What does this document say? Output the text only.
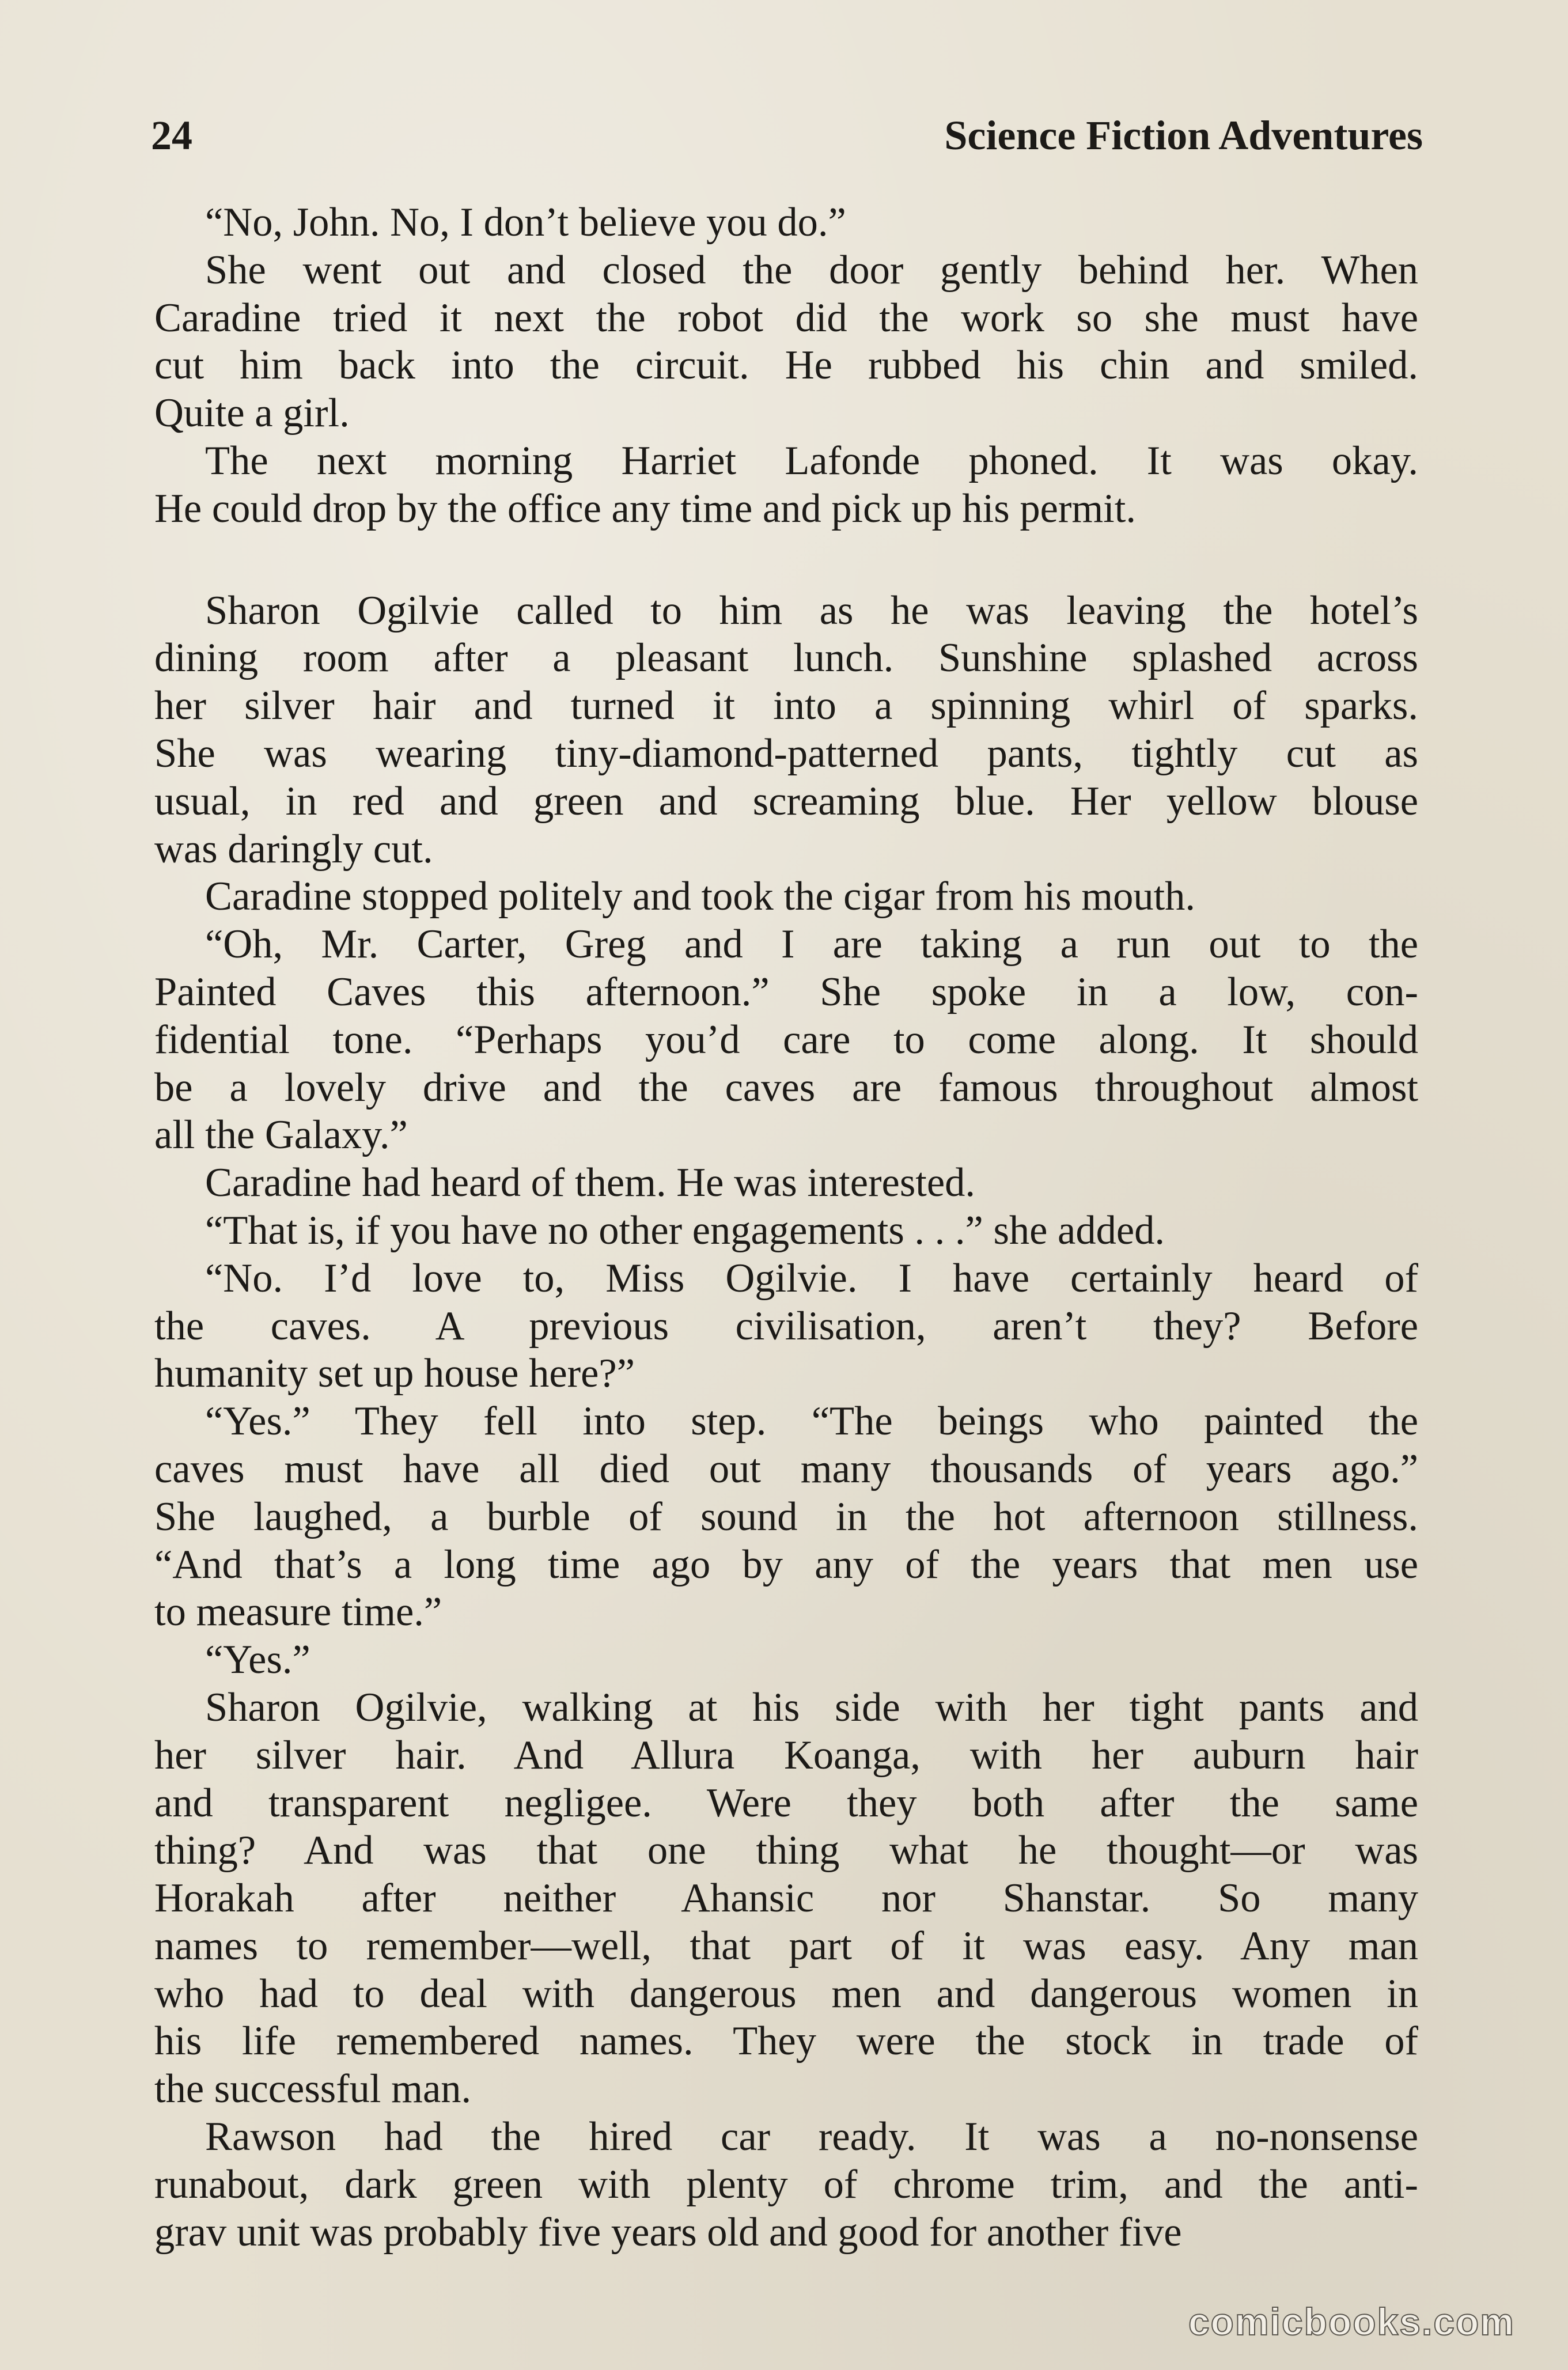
24	Science Fiction Adventures
“No, John. No, I don’t believe you do.”
She went out and closed the door gently behind her. When
Caradine tried it next the robot did the work so she must have
cut him back into the circuit. He rubbed his chin and smiled.
Quite a girl.
The next morning Harriet Lafonde phoned. It was okay.
He could drop by the office any time and pick up his permit.
Sharon Ogilvie called to him as he was leaving the hotel’s
dining room after a pleasant lunch. Sunshine splashed across
her silver hair and turned it into a spinning whirl of sparks.
She was wearing tiny-diamond-patterned pants, tightly cut as
usual, in red and green and screaming blue. Her yellow blouse
was daringly cut.
Caradine stopped politely and took the cigar from his mouth.
“Oh, Mr. Carter, Greg and I are taking a run out to the
Painted Caves this afternoon.” She spoke in a low, con-
fidential tone. “Perhaps you’d care to come along. It should
be a lovely drive and the caves are famous throughout almost
all the Galaxy.”
Caradine had heard of them. He was interested.
“That is, if you have no other engagements . . .” she added.
“No. I’d love to, Miss Ogilvie. I have certainly heard of
the caves. A previous civilisation, aren’t they? Before
humanity set up house here?”
“Yes.” They fell into step. “The beings who painted the
caves must have all died out many thousands of years ago.”
She laughed, a burble of sound in the hot afternoon stillness.
“And that’s a long time ago by any of the years that men use
to measure time.”
“Yes.”
Sharon Ogilvie, walking at his side with her tight pants and
her silver hair. And Allura Koanga, with her auburn hair
and transparent negligee. Were they both after the same
thing? And was that one thing what he thought—or was
Horakah after neither Ahansic nor Shanstar. So many
names to remember—well, that part of it was easy. Any man
who had to deal with dangerous men and dangerous women in
his life remembered names. They were the stock in trade of
the successful man.
Rawson had the hired car ready. It was a no-nonsense
runabout, dark green with plenty of chrome trim, and the anti-
grav unit was probably five years old and good for another five
comicbooks.com
